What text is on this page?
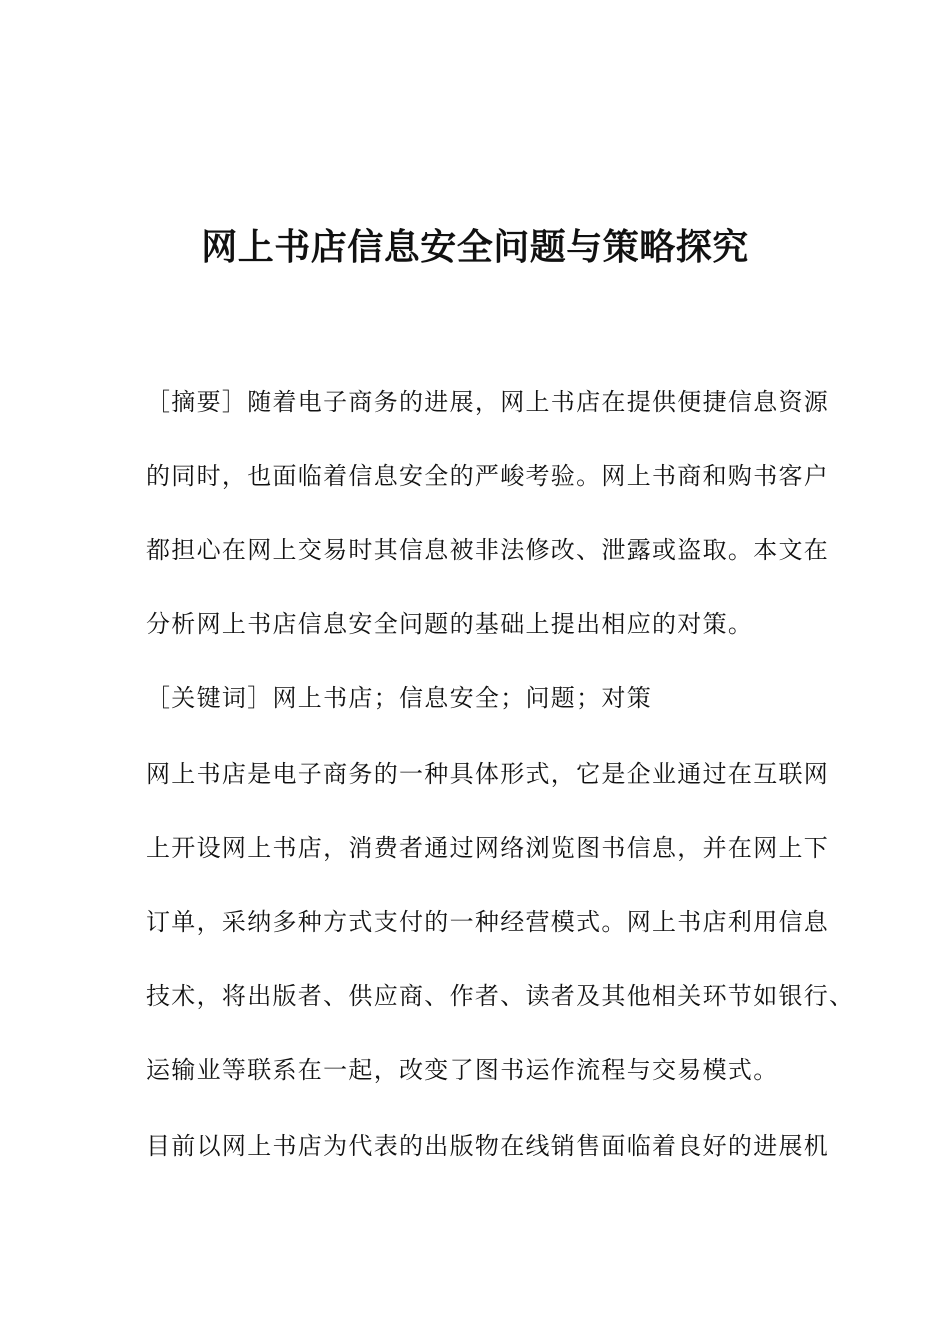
网上书店信息安全问题与策略探究

［摘要］随着电子商务的进展，网上书店在提供便捷信息资源

的同时，也面临着信息安全的严峻考验。网上书商和购书客户

都担心在网上交易时其信息被非法修改、泄露或盗取。本文在

分析网上书店信息安全问题的基础上提出相应的对策。

［关键词］网上书店；信息安全；问题；对策

网上书店是电子商务的一种具体形式，它是企业通过在互联网

上开设网上书店，消费者通过网络浏览图书信息，并在网上下

订单，采纳多种方式支付的一种经营模式。网上书店利用信息

技术，将出版者、供应商、作者、读者及其他相关环节如银行、

运输业等联系在一起，改变了图书运作流程与交易模式。

目前以网上书店为代表的出版物在线销售面临着良好的进展机
